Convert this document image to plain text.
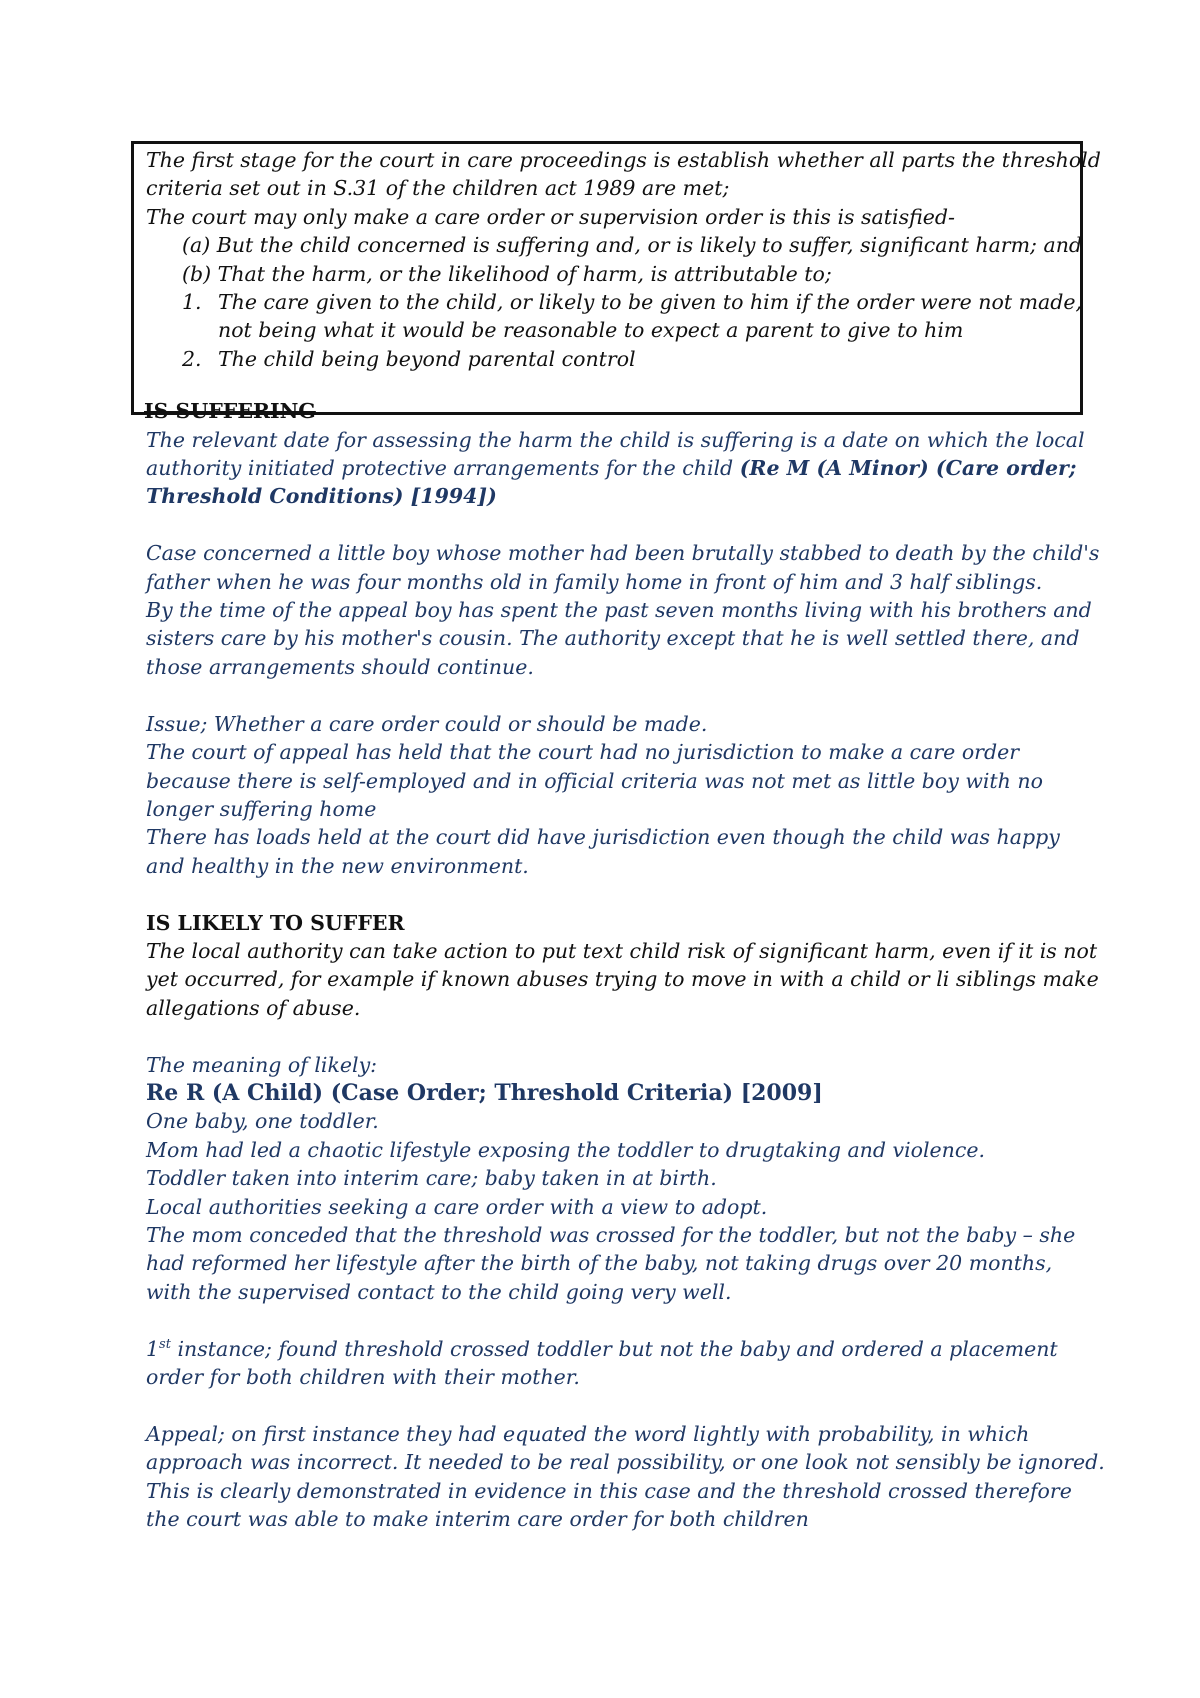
The first stage for the court in care proceedings is establish whether all parts the threshold
criteria set out in S.31 of the children act 1989 are met;
The court may only make a care order or supervision order is this is satisfied-
(a) But the child concerned is suffering and, or is likely to suffer, significant harm; and
(b) That the harm, or the likelihood of harm, is attributable to;
1. The care given to the child, or likely to be given to him if the order were not made,
not being what it would be reasonable to expect a parent to give to him
2. The child being beyond parental control
IS SUFFERING
The relevant date for assessing the harm the child is suffering is a date on which the local
authority initiated protective arrangements for the child (Re M (A Minor) (Care order;
Threshold Conditions) [1994])
Case concerned a little boy whose mother had been brutally stabbed to death by the child's
father when he was four months old in family home in front of him and 3 half siblings.
By the time of the appeal boy has spent the past seven months living with his brothers and
sisters care by his mother's cousin. The authority except that he is well settled there, and
those arrangements should continue.
Issue; Whether a care order could or should be made.
The court of appeal has held that the court had no jurisdiction to make a care order
because there is self-employed and in official criteria was not met as little boy with no
longer suffering home
There has loads held at the court did have jurisdiction even though the child was happy
and healthy in the new environment.
IS LIKELY TO SUFFER
The local authority can take action to put text child risk of significant harm, even if it is not
yet occurred, for example if known abuses trying to move in with a child or li siblings make
allegations of abuse.
The meaning of likely:
Re R (A Child) (Case Order; Threshold Criteria) [2009]
One baby, one toddler.
Mom had led a chaotic lifestyle exposing the toddler to drugtaking and violence.
Toddler taken into interim care; baby taken in at birth.
Local authorities seeking a care order with a view to adopt.
The mom conceded that the threshold was crossed for the toddler, but not the baby – she
had reformed her lifestyle after the birth of the baby, not taking drugs over 20 months,
with the supervised contact to the child going very well.
1st instance; found threshold crossed toddler but not the baby and ordered a placement
order for both children with their mother.
Appeal; on first instance they had equated the word lightly with probability, in which
approach was incorrect. It needed to be real possibility, or one look not sensibly be ignored.
This is clearly demonstrated in evidence in this case and the threshold crossed therefore
the court was able to make interim care order for both children
